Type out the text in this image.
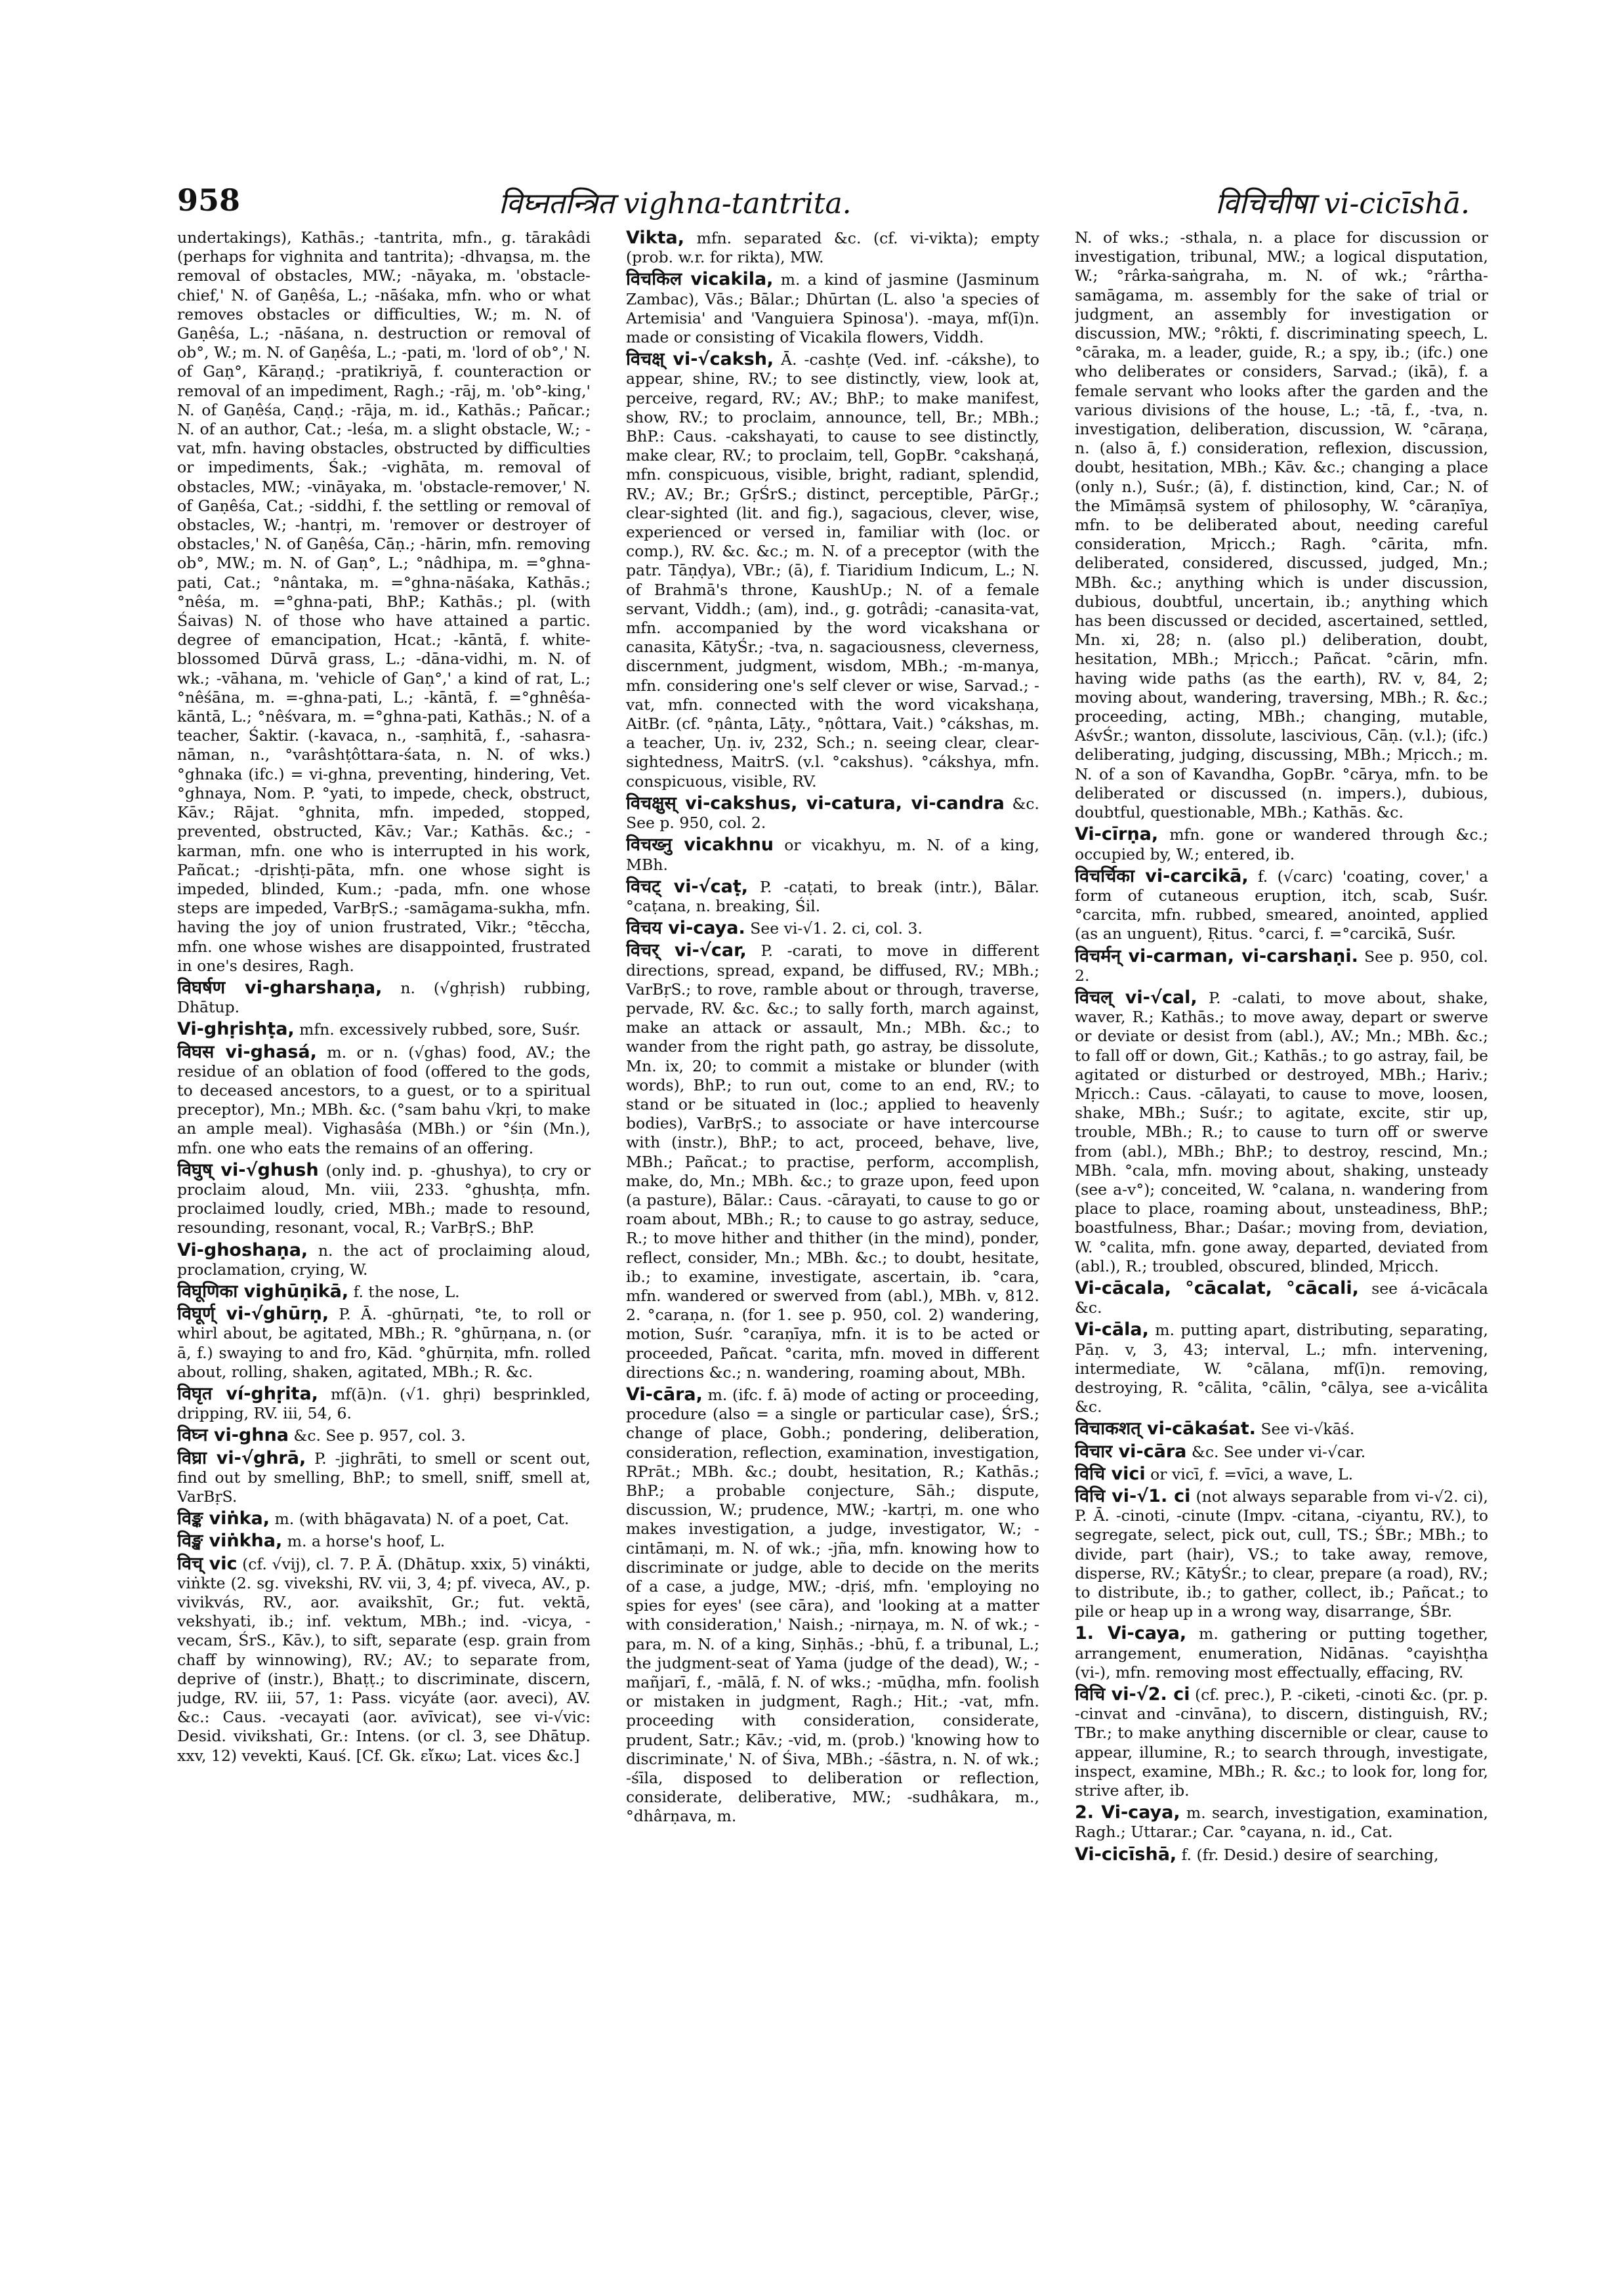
958	विघ्नतन्त्रित vighna-tantrita.	विचिचीषा vi-cicīshā.

undertakings), Kathās.; -tantrita, mfn., g. tārakâdi (perhaps for vighnita and tantrita); -dhvaṉsa, m. the removal of obstacles, MW.; -nāyaka, m. 'obstacle-chief,' N. of Gaṇêśa, L.; -nāśaka, mfn. who or what removes obstacles or difficulties, W.; m. N. of Gaṇêśa, L.; -nāśana, n. destruction or removal of ob°, W.; m. N. of Gaṇêśa, L.; -pati, m. 'lord of ob°,' N. of Gaṇ°, Kāraṇḍ.; -pratikriyā, f. counteraction or removal of an impediment, Ragh.; -rāj, m. 'ob°-king,' N. of Gaṇêśa, Caṇḍ.; -rāja, m. id., Kathās.; Pañcar.; N. of an author, Cat.; -leśa, m. a slight obstacle, W.; -vat, mfn. having obstacles, obstructed by difficulties or impediments, Śak.; -vighāta, m. removal of obstacles, MW.; -vināyaka, m. 'obstacle-remover,' N. of Gaṇêśa, Cat.; -siddhi, f. the settling or removal of obstacles, W.; -hantṛi, m. 'remover or destroyer of obstacles,' N. of Gaṇêśa, Cāṇ.; -hārin, mfn. removing ob°, MW.; m. N. of Gaṇ°, L.; °nâdhipa, m. =°ghna-pati, Cat.; °nântaka, m. =°ghna-nāśaka, Kathās.; °nêśa, m. =°ghna-pati, BhP.; Kathās.; pl. (with Śaivas) N. of those who have attained a partic. degree of emancipation, Hcat.; -kāntā, f. white-blossomed Dūrvā grass, L.; -dāna-vidhi, m. N. of wk.; -vāhana, m. 'vehicle of Gaṇ°,' a kind of rat, L.; °nêśāna, m. =-ghna-pati, L.; -kāntā, f. =°ghnêśa-kāntā, L.; °nêśvara, m. =°ghna-pati, Kathās.; N. of a teacher, Śaktir. (-kavaca, n., -saṃhitā, f., -sahasra-nāman, n., °varâshṭôttara-śata, n. N. of wks.) °ghnaka (ifc.) = vi-ghna, preventing, hindering, Vet. °ghnaya, Nom. P. °yati, to impede, check, obstruct, Kāv.; Rājat. °ghnita, mfn. impeded, stopped, prevented, obstructed, Kāv.; Var.; Kathās. &c.; -karman, mfn. one who is interrupted in his work, Pañcat.; -dṛishṭi-pāta, mfn. one whose sight is impeded, blinded, Kum.; -pada, mfn. one whose steps are impeded, VarBṛS.; -samāgama-sukha, mfn. having the joy of union frustrated, Vikr.; °tēccha, mfn. one whose wishes are disappointed, frustrated in one's desires, Ragh.

विघर्षण vi-gharshaṇa, n. (√ghṛish) rubbing, Dhātup.

Vi-ghṛishṭa, mfn. excessively rubbed, sore, Suśr.

विघस vi-ghasá, m. or n. (√ghas) food, AV.; the residue of an oblation of food (offered to the gods, to deceased ancestors, to a guest, or to a spiritual preceptor), Mn.; MBh. &c. (°sam bahu √kṛi, to make an ample meal). Vighasâśa (MBh.) or °śin (Mn.), mfn. one who eats the remains of an offering.

विघुष् vi-√ghush (only ind. p. -ghushya), to cry or proclaim aloud, Mn. viii, 233. °ghushṭa, mfn. proclaimed loudly, cried, MBh.; made to resound, resounding, resonant, vocal, R.; VarBṛS.; BhP.

Vi-ghoshaṇa, n. the act of proclaiming aloud, proclamation, crying, W.

विघूणिका vighūṇikā, f. the nose, L.

विघूर्ण् vi-√ghūrṇ, P. Ā. -ghūrṇati, °te, to roll or whirl about, be agitated, MBh.; R. °ghūrṇana, n. (or ā, f.) swaying to and fro, Kād. °ghūrṇita, mfn. rolled about, rolling, shaken, agitated, MBh.; R. &c.

विघृत ví-ghṛita, mf(ā)n. (√1. ghṛi) besprinkled, dripping, RV. iii, 54, 6.

विघ्न vi-ghna &c. See p. 957, col. 3.

विघ्रा vi-√ghrā, P. -jighrāti, to smell or scent out, find out by smelling, BhP.; to smell, sniff, smell at, VarBṛS.

विङ्क viṅka, m. (with bhāgavata) N. of a poet, Cat.

विङ्ख viṅkha, m. a horse's hoof, L.

विच् vic (cf. √vij), cl. 7. P. Ā. (Dhātup. xxix, 5) vinákti, viṅkte (2. sg. vivekshi, RV. vii, 3, 4; pf. viveca, AV., p. vivikvás, RV., aor. avaikshīt, Gr.; fut. vektā, vekshyati, ib.; inf. vektum, MBh.; ind. -vicya, -vecam, ŚrS., Kāv.), to sift, separate (esp. grain from chaff by winnowing), RV.; AV.; to separate from, deprive of (instr.), Bhaṭṭ.; to discriminate, discern, judge, RV. iii, 57, 1: Pass. vicyáte (aor. aveci), AV. &c.: Caus. -vecayati (aor. avīvicat), see vi-√vic: Desid. vivikshati, Gr.: Intens. (or cl. 3, see Dhātup. xxv, 12) vevekti, Kauś. [Cf. Gk. εἴκω; Lat. vices &c.]

Vikta, mfn. separated &c. (cf. vi-vikta); empty (prob. w.r. for rikta), MW.

विचकिल vicakila, m. a kind of jasmine (Jasminum Zambac), Vās.; Bālar.; Dhūrtan (L. also 'a species of Artemisia' and 'Vanguiera Spinosa'). -maya, mf(ī)n. made or consisting of Vicakila flowers, Viddh.

विचक्ष् vi-√caksh, Ā. -cashṭe (Ved. inf. -cákshe), to appear, shine, RV.; to see distinctly, view, look at, perceive, regard, RV.; AV.; BhP.; to make manifest, show, RV.; to proclaim, announce, tell, Br.; MBh.; BhP.: Caus. -cakshayati, to cause to see distinctly, make clear, RV.; to proclaim, tell, GopBr. °cakshaṇá, mfn. conspicuous, visible, bright, radiant, splendid, RV.; AV.; Br.; GṛŚrS.; distinct, perceptible, PārGṛ.; clear-sighted (lit. and fig.), sagacious, clever, wise, experienced or versed in, familiar with (loc. or comp.), RV. &c. &c.; m. N. of a preceptor (with the patr. Tāṇḍya), VBr.; (ā), f. Tiaridium Indicum, L.; N. of Brahmā's throne, KaushUp.; N. of a female servant, Viddh.; (am), ind., g. gotrâdi; -canasita-vat, mfn. accompanied by the word vicakshana or canasita, KātyŚr.; -tva, n. sagaciousness, cleverness, discernment, judgment, wisdom, MBh.; -m-manya, mfn. considering one's self clever or wise, Sarvad.; -vat, mfn. connected with the word vicakshaṇa, AitBr. (cf. °ṇânta, Lāṭy., °ṇôttara, Vait.) °cákshas, m. a teacher, Uṇ. iv, 232, Sch.; n. seeing clear, clear-sightedness, MaitrS. (v.l. °cakshus). °cákshya, mfn. conspicuous, visible, RV.

विचक्षुस् vi-cakshus, vi-catura, vi-candra &c. See p. 950, col. 2.

विचख्नु vicakhnu or vicakhyu, m. N. of a king, MBh.

विचट् vi-√caṭ, P. -caṭati, to break (intr.), Bālar. °caṭana, n. breaking, Śil.

विचय vi-caya. See vi-√1. 2. ci, col. 3.

विचर् vi-√car, P. -carati, to move in different directions, spread, expand, be diffused, RV.; MBh.; VarBṛS.; to rove, ramble about or through, traverse, pervade, RV. &c. &c.; to sally forth, march against, make an attack or assault, Mn.; MBh. &c.; to wander from the right path, go astray, be dissolute, Mn. ix, 20; to commit a mistake or blunder (with words), BhP.; to run out, come to an end, RV.; to stand or be situated in (loc.; applied to heavenly bodies), VarBṛS.; to associate or have intercourse with (instr.), BhP.; to act, proceed, behave, live, MBh.; Pañcat.; to practise, perform, accomplish, make, do, Mn.; MBh. &c.; to graze upon, feed upon (a pasture), Bālar.: Caus. -cārayati, to cause to go or roam about, MBh.; R.; to cause to go astray, seduce, R.; to move hither and thither (in the mind), ponder, reflect, consider, Mn.; MBh. &c.; to doubt, hesitate, ib.; to examine, investigate, ascertain, ib. °cara, mfn. wandered or swerved from (abl.), MBh. v, 812. 2. °caraṇa, n. (for 1. see p. 950, col. 2) wandering, motion, Suśr. °caraṇīya, mfn. it is to be acted or proceeded, Pañcat. °carita, mfn. moved in different directions &c.; n. wandering, roaming about, MBh.

Vi-cāra, m. (ifc. f. ā) mode of acting or proceeding, procedure (also = a single or particular case), ŚrS.; change of place, Gobh.; pondering, deliberation, consideration, reflection, examination, investigation, RPrāt.; MBh. &c.; doubt, hesitation, R.; Kathās.; BhP.; a probable conjecture, Sāh.; dispute, discussion, W.; prudence, MW.; -kartṛi, m. one who makes investigation, a judge, investigator, W.; -cintāmaṇi, m. N. of wk.; -jña, mfn. knowing how to discriminate or judge, able to decide on the merits of a case, a judge, MW.; -dṛiś, mfn. 'employing no spies for eyes' (see cāra), and 'looking at a matter with consideration,' Naish.; -nirṇaya, m. N. of wk.; -para, m. N. of a king, Siṇhās.; -bhū, f. a tribunal, L.; the judgment-seat of Yama (judge of the dead), W.; -mañjarī, f., -mālā, f. N. of wks.; -mūḍha, mfn. foolish or mistaken in judgment, Ragh.; Hit.; -vat, mfn. proceeding with consideration, considerate, prudent, Satr.; Kāv.; -vid, m. (prob.) 'knowing how to discriminate,' N. of Śiva, MBh.; -śāstra, n. N. of wk.; -śīla, disposed to deliberation or reflection, considerate, deliberative, MW.; -sudhâkara, m., °dhârṇava, m.

N. of wks.; -sthala, n. a place for discussion or investigation, tribunal, MW.; a logical disputation, W.; °rârka-saṅgraha, m. N. of wk.; °rârtha-samāgama, m. assembly for the sake of trial or judgment, an assembly for investigation or discussion, MW.; °rôkti, f. discriminating speech, L. °cāraka, m. a leader, guide, R.; a spy, ib.; (ifc.) one who deliberates or considers, Sarvad.; (ikā), f. a female servant who looks after the garden and the various divisions of the house, L.; -tā, f., -tva, n. investigation, deliberation, discussion, W. °cāraṇa, n. (also ā, f.) consideration, reflexion, discussion, doubt, hesitation, MBh.; Kāv. &c.; changing a place (only n.), Suśr.; (ā), f. distinction, kind, Car.; N. of the Mīmāṃsā system of philosophy, W. °cāraṇīya, mfn. to be deliberated about, needing careful consideration, Mṛicch.; Ragh. °cārita, mfn. deliberated, considered, discussed, judged, Mn.; MBh. &c.; anything which is under discussion, dubious, doubtful, uncertain, ib.; anything which has been discussed or decided, ascertained, settled, Mn. xi, 28; n. (also pl.) deliberation, doubt, hesitation, MBh.; Mṛicch.; Pañcat. °cārin, mfn. having wide paths (as the earth), RV. v, 84, 2; moving about, wandering, traversing, MBh.; R. &c.; proceeding, acting, MBh.; changing, mutable, AśvŚr.; wanton, dissolute, lascivious, Cāṇ. (v.l.); (ifc.) deliberating, judging, discussing, MBh.; Mṛicch.; m. N. of a son of Kavandha, GopBr. °cārya, mfn. to be deliberated or discussed (n. impers.), dubious, doubtful, questionable, MBh.; Kathās. &c.

Vi-cīrṇa, mfn. gone or wandered through &c.; occupied by, W.; entered, ib.

विचर्चिका vi-carcikā, f. (√carc) 'coating, cover,' a form of cutaneous eruption, itch, scab, Suśr. °carcita, mfn. rubbed, smeared, anointed, applied (as an unguent), Ṛitus. °carci, f. =°carcikā, Suśr.

विचर्मन् vi-carman, vi-carshaṇi. See p. 950, col. 2.

विचल् vi-√cal, P. -calati, to move about, shake, waver, R.; Kathās.; to move away, depart or swerve or deviate or desist from (abl.), AV.; Mn.; MBh. &c.; to fall off or down, Git.; Kathās.; to go astray, fail, be agitated or disturbed or destroyed, MBh.; Hariv.; Mṛicch.: Caus. -cālayati, to cause to move, loosen, shake, MBh.; Suśr.; to agitate, excite, stir up, trouble, MBh.; R.; to cause to turn off or swerve from (abl.), MBh.; BhP.; to destroy, rescind, Mn.; MBh. °cala, mfn. moving about, shaking, unsteady (see a-v°); conceited, W. °calana, n. wandering from place to place, roaming about, unsteadiness, BhP.; boastfulness, Bhar.; Daśar.; moving from, deviation, W. °calita, mfn. gone away, departed, deviated from (abl.), R.; troubled, obscured, blinded, Mṛicch.

Vi-cācala, °cācalat, °cācali, see á-vicācala &c.

Vi-cāla, m. putting apart, distributing, separating, Pāṇ. v, 3, 43; interval, L.; mfn. intervening, intermediate, W. °cālana, mf(ī)n. removing, destroying, R. °cālita, °cālin, °cālya, see a-vicâlita &c.

विचाकशत् vi-cākaśat. See vi-√kāś.

विचार vi-cāra &c. See under vi-√car.

विचि vici or vicī, f. =vīci, a wave, L.

विचि vi-√1. ci (not always separable from vi-√2. ci), P. Ā. -cinoti, -cinute (Impv. -citana, -ciyantu, RV.), to segregate, select, pick out, cull, TS.; ŚBr.; MBh.; to divide, part (hair), VS.; to take away, remove, disperse, RV.; KātyŚr.; to clear, prepare (a road), RV.; to distribute, ib.; to gather, collect, ib.; Pañcat.; to pile or heap up in a wrong way, disarrange, ŚBr.

1. Vi-caya, m. gathering or putting together, arrangement, enumeration, Nidānas. °cayishṭha (vi-), mfn. removing most effectually, effacing, RV.

विचि vi-√2. ci (cf. prec.), P. -ciketi, -cinoti &c. (pr. p. -cinvat and -cinvāna), to discern, distinguish, RV.; TBr.; to make anything discernible or clear, cause to appear, illumine, R.; to search through, investigate, inspect, examine, MBh.; R. &c.; to look for, long for, strive after, ib.

2. Vi-caya, m. search, investigation, examination, Ragh.; Uttarar.; Car. °cayana, n. id., Cat.

Vi-cicīshā, f. (fr. Desid.) desire of searching,
